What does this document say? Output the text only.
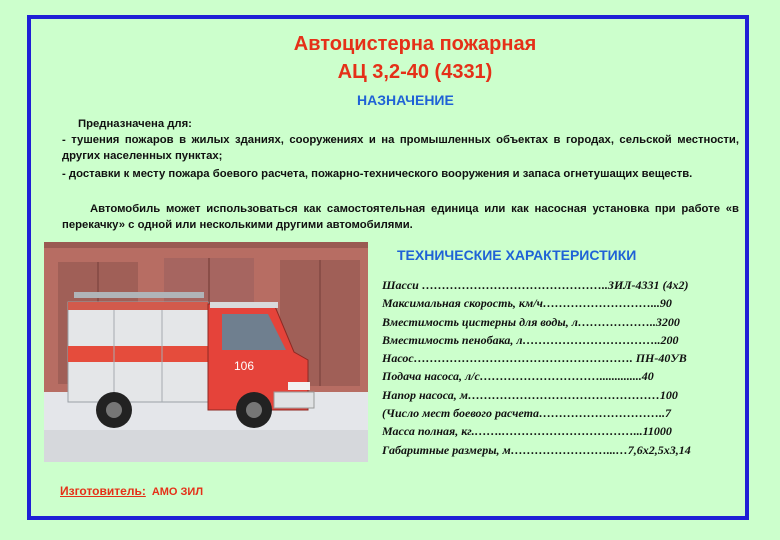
Автоцистерна пожарная
АЦ 3,2-40 (4331)
НАЗНАЧЕНИЕ
Предназначена для:
- тушения пожаров в жилых зданиях, сооружениях и на промышленных объектах в городах, сельской местности, других населенных пунктах;
- доставки к месту пожара боевого расчета, пожарно-технического вооружения и запаса огнетушащих веществ.
Автомобиль может использоваться как самостоятельная единица или как насосная установка при работе «в перекачку» с одной или несколькими другими автомобилями.
106
ТЕХНИЧЕСКИЕ ХАРАКТЕРИСТИКИ
Шасси ………………………………………..ЗИЛ-4331 (4х2)
Максимальная скорость, км/ч………………………...90
Вместимость цистерны для воды, л………………..3200
Вместимость пенобака, л……………………………..200
Насос………………………………………………. ПН-40УВ
Подача насоса, л/с…………………………..............40
Напор насоса, м…………………………………………100
(Число мест боевого расчета…………………………..7
Масса полная, кг.…….……………………………...11000
Габаритные размеры, м……………………...…7,6х2,5х3,14
Изготовитель: АМО ЗИЛ
